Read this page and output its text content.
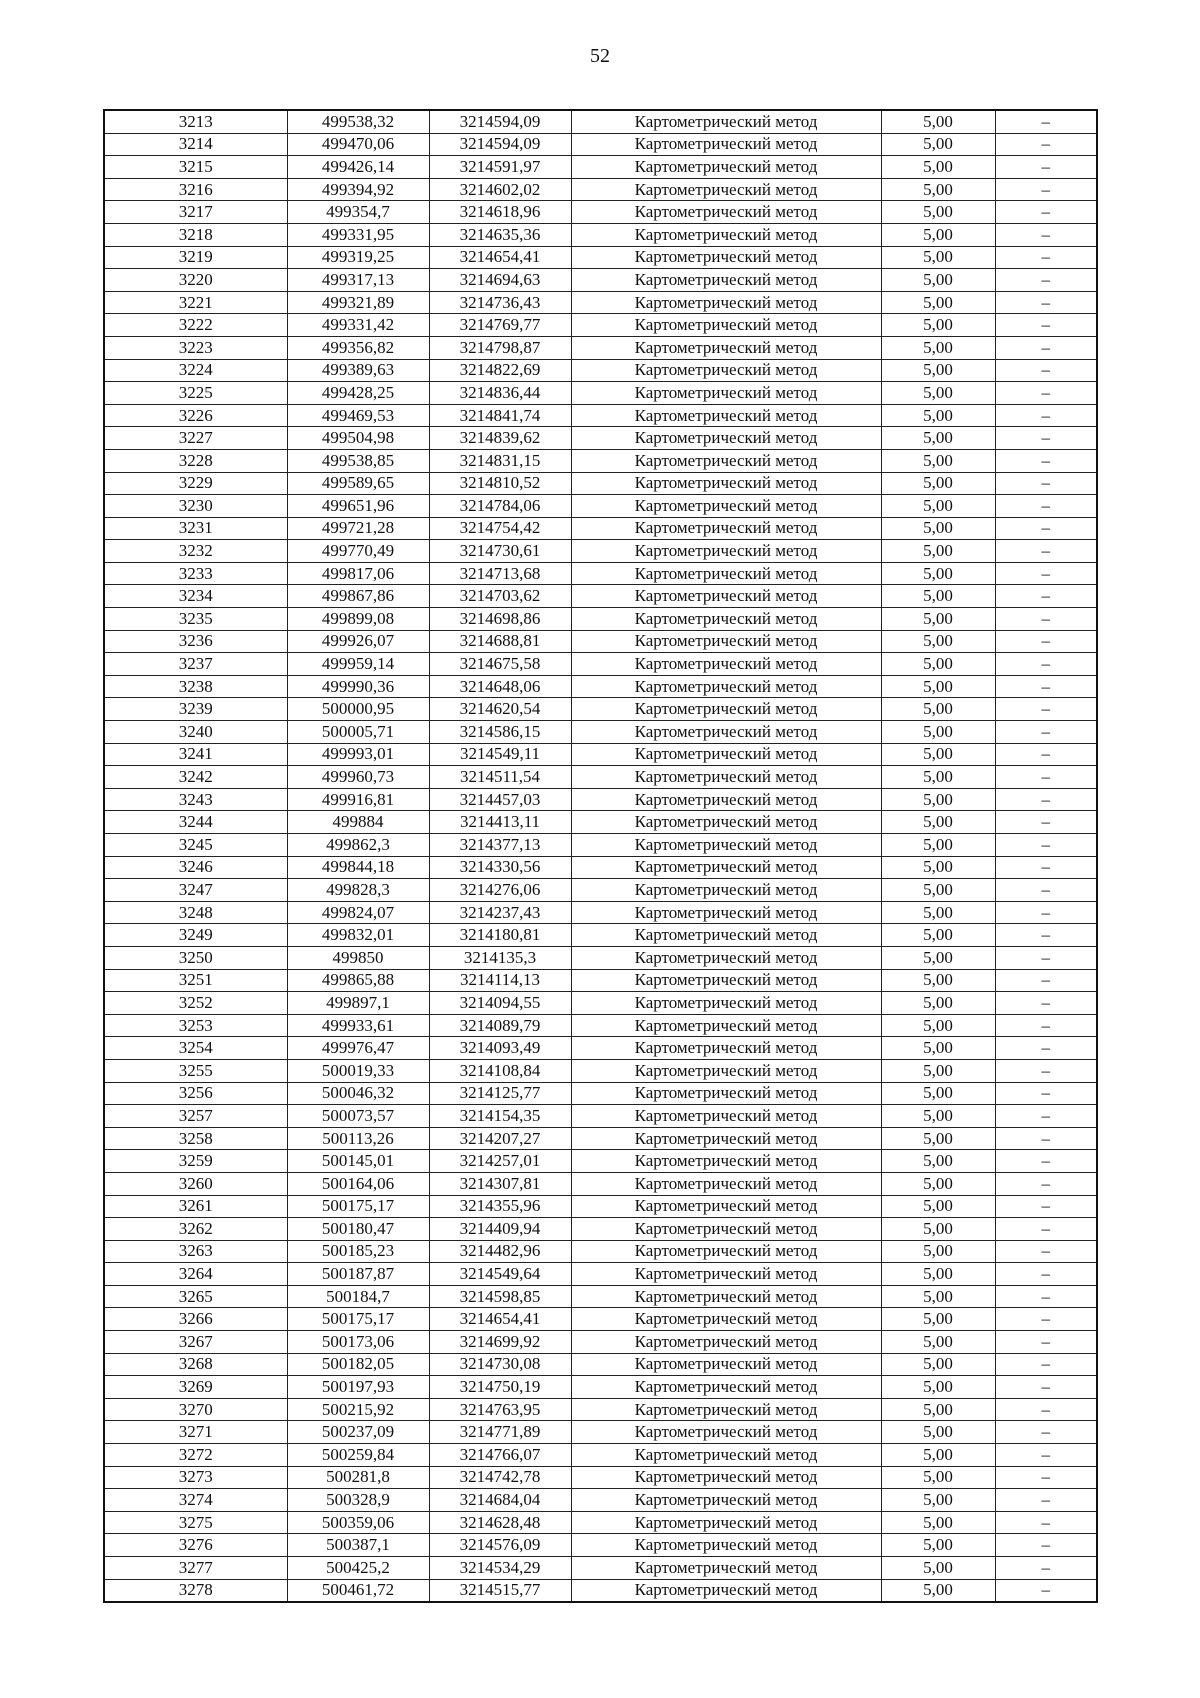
52
3213	499538,32	3214594,09	Картометрический метод	5,00	–
3214	499470,06	3214594,09	Картометрический метод	5,00	–
3215	499426,14	3214591,97	Картометрический метод	5,00	–
3216	499394,92	3214602,02	Картометрический метод	5,00	–
3217	499354,7	3214618,96	Картометрический метод	5,00	–
3218	499331,95	3214635,36	Картометрический метод	5,00	–
3219	499319,25	3214654,41	Картометрический метод	5,00	–
3220	499317,13	3214694,63	Картометрический метод	5,00	–
3221	499321,89	3214736,43	Картометрический метод	5,00	–
3222	499331,42	3214769,77	Картометрический метод	5,00	–
3223	499356,82	3214798,87	Картометрический метод	5,00	–
3224	499389,63	3214822,69	Картометрический метод	5,00	–
3225	499428,25	3214836,44	Картометрический метод	5,00	–
3226	499469,53	3214841,74	Картометрический метод	5,00	–
3227	499504,98	3214839,62	Картометрический метод	5,00	–
3228	499538,85	3214831,15	Картометрический метод	5,00	–
3229	499589,65	3214810,52	Картометрический метод	5,00	–
3230	499651,96	3214784,06	Картометрический метод	5,00	–
3231	499721,28	3214754,42	Картометрический метод	5,00	–
3232	499770,49	3214730,61	Картометрический метод	5,00	–
3233	499817,06	3214713,68	Картометрический метод	5,00	–
3234	499867,86	3214703,62	Картометрический метод	5,00	–
3235	499899,08	3214698,86	Картометрический метод	5,00	–
3236	499926,07	3214688,81	Картометрический метод	5,00	–
3237	499959,14	3214675,58	Картометрический метод	5,00	–
3238	499990,36	3214648,06	Картометрический метод	5,00	–
3239	500000,95	3214620,54	Картометрический метод	5,00	–
3240	500005,71	3214586,15	Картометрический метод	5,00	–
3241	499993,01	3214549,11	Картометрический метод	5,00	–
3242	499960,73	3214511,54	Картометрический метод	5,00	–
3243	499916,81	3214457,03	Картометрический метод	5,00	–
3244	499884	3214413,11	Картометрический метод	5,00	–
3245	499862,3	3214377,13	Картометрический метод	5,00	–
3246	499844,18	3214330,56	Картометрический метод	5,00	–
3247	499828,3	3214276,06	Картометрический метод	5,00	–
3248	499824,07	3214237,43	Картометрический метод	5,00	–
3249	499832,01	3214180,81	Картометрический метод	5,00	–
3250	499850	3214135,3	Картометрический метод	5,00	–
3251	499865,88	3214114,13	Картометрический метод	5,00	–
3252	499897,1	3214094,55	Картометрический метод	5,00	–
3253	499933,61	3214089,79	Картометрический метод	5,00	–
3254	499976,47	3214093,49	Картометрический метод	5,00	–
3255	500019,33	3214108,84	Картометрический метод	5,00	–
3256	500046,32	3214125,77	Картометрический метод	5,00	–
3257	500073,57	3214154,35	Картометрический метод	5,00	–
3258	500113,26	3214207,27	Картометрический метод	5,00	–
3259	500145,01	3214257,01	Картометрический метод	5,00	–
3260	500164,06	3214307,81	Картометрический метод	5,00	–
3261	500175,17	3214355,96	Картометрический метод	5,00	–
3262	500180,47	3214409,94	Картометрический метод	5,00	–
3263	500185,23	3214482,96	Картометрический метод	5,00	–
3264	500187,87	3214549,64	Картометрический метод	5,00	–
3265	500184,7	3214598,85	Картометрический метод	5,00	–
3266	500175,17	3214654,41	Картометрический метод	5,00	–
3267	500173,06	3214699,92	Картометрический метод	5,00	–
3268	500182,05	3214730,08	Картометрический метод	5,00	–
3269	500197,93	3214750,19	Картометрический метод	5,00	–
3270	500215,92	3214763,95	Картометрический метод	5,00	–
3271	500237,09	3214771,89	Картометрический метод	5,00	–
3272	500259,84	3214766,07	Картометрический метод	5,00	–
3273	500281,8	3214742,78	Картометрический метод	5,00	–
3274	500328,9	3214684,04	Картометрический метод	5,00	–
3275	500359,06	3214628,48	Картометрический метод	5,00	–
3276	500387,1	3214576,09	Картометрический метод	5,00	–
3277	500425,2	3214534,29	Картометрический метод	5,00	–
3278	500461,72	3214515,77	Картометрический метод	5,00	–
